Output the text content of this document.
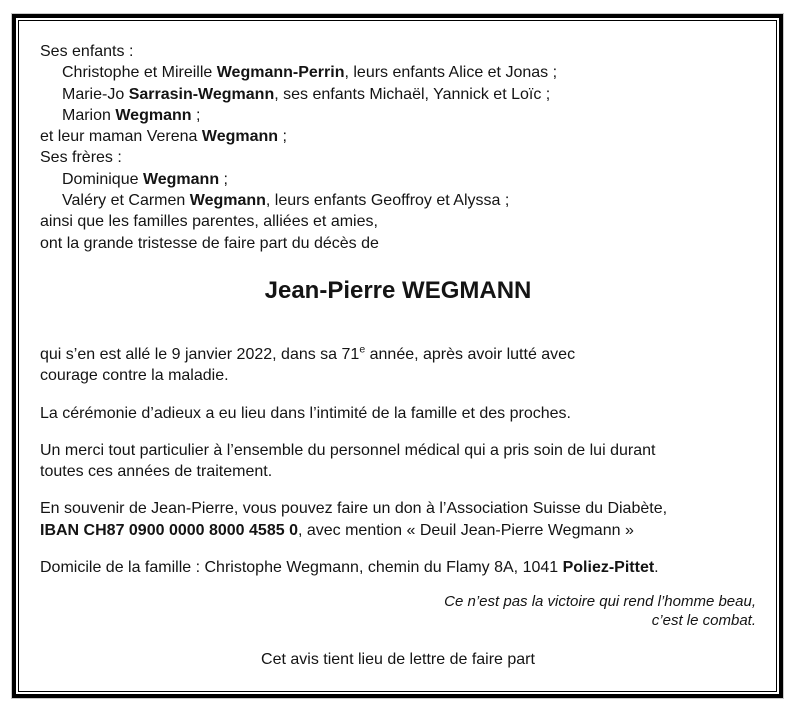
Ses enfants :
Christophe et Mireille Wegmann-Perrin, leurs enfants Alice et Jonas ;
Marie-Jo Sarrasin-Wegmann, ses enfants Michaël, Yannick et Loïc ;
Marion Wegmann ;
et leur maman Verena Wegmann ;
Ses frères :
Dominique Wegmann ;
Valéry et Carmen Wegmann, leurs enfants Geoffroy et Alyssa ;
ainsi que les familles parentes, alliées et amies,
ont la grande tristesse de faire part du décès de
Jean-Pierre WEGMANN
qui s’en est allé le 9 janvier 2022, dans sa 71e année, après avoir lutté avec
courage contre la maladie.
La cérémonie d’adieux a eu lieu dans l’intimité de la famille et des proches.
Un merci tout particulier à l’ensemble du personnel médical qui a pris soin de lui durant
toutes ces années de traitement.
En souvenir de Jean-Pierre, vous pouvez faire un don à l’Association Suisse du Diabète,
IBAN CH87 0900 0000 8000 4585 0, avec mention « Deuil Jean-Pierre Wegmann »
Domicile de la famille : Christophe Wegmann, chemin du Flamy 8A, 1041 Poliez-Pittet.
Ce n’est pas la victoire qui rend l’homme beau,
c’est le combat.
Cet avis tient lieu de lettre de faire part
